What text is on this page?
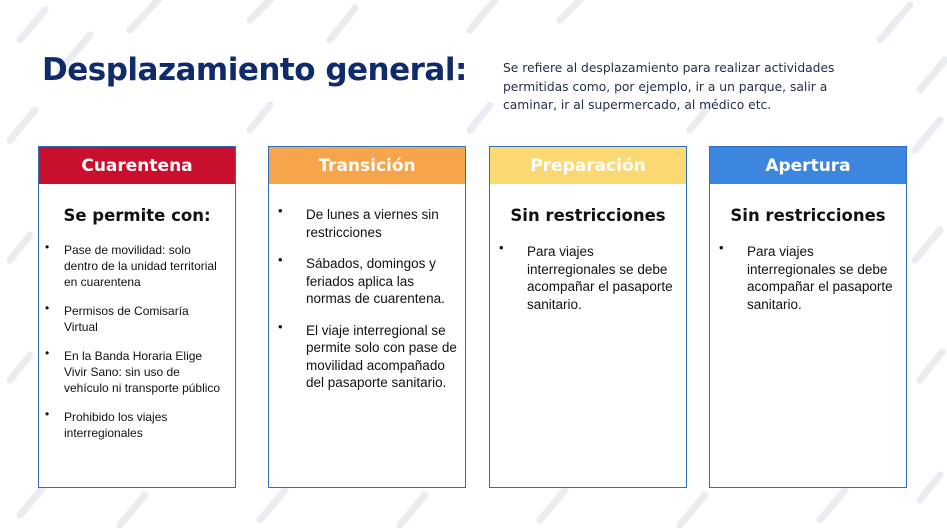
Desplazamiento general:	Se refiere al desplazamiento para realizar actividades permitidas como, por ejemplo, ir a un parque, salir a caminar, ir al supermercado, al médico etc.

Cuarentena
Se permite con:
• Pase de movilidad: solo dentro de la unidad territorial en cuarentena
• Permisos de Comisaría Virtual
• En la Banda Horaria Elige Vivir Sano: sin uso de vehículo ni transporte público
• Prohibido los viajes interregionales
Transición
• De lunes a viernes sin restricciones
• Sábados, domingos y feriados aplica las normas de cuarentena.
• El viaje interregional se permite solo con pase de movilidad acompañado del pasaporte sanitario.
Preparación
Sin restricciones
• Para viajes interregionales se debe acompañar el pasaporte sanitario.
Apertura
Sin restricciones
• Para viajes interregionales se debe acompañar el pasaporte sanitario.
